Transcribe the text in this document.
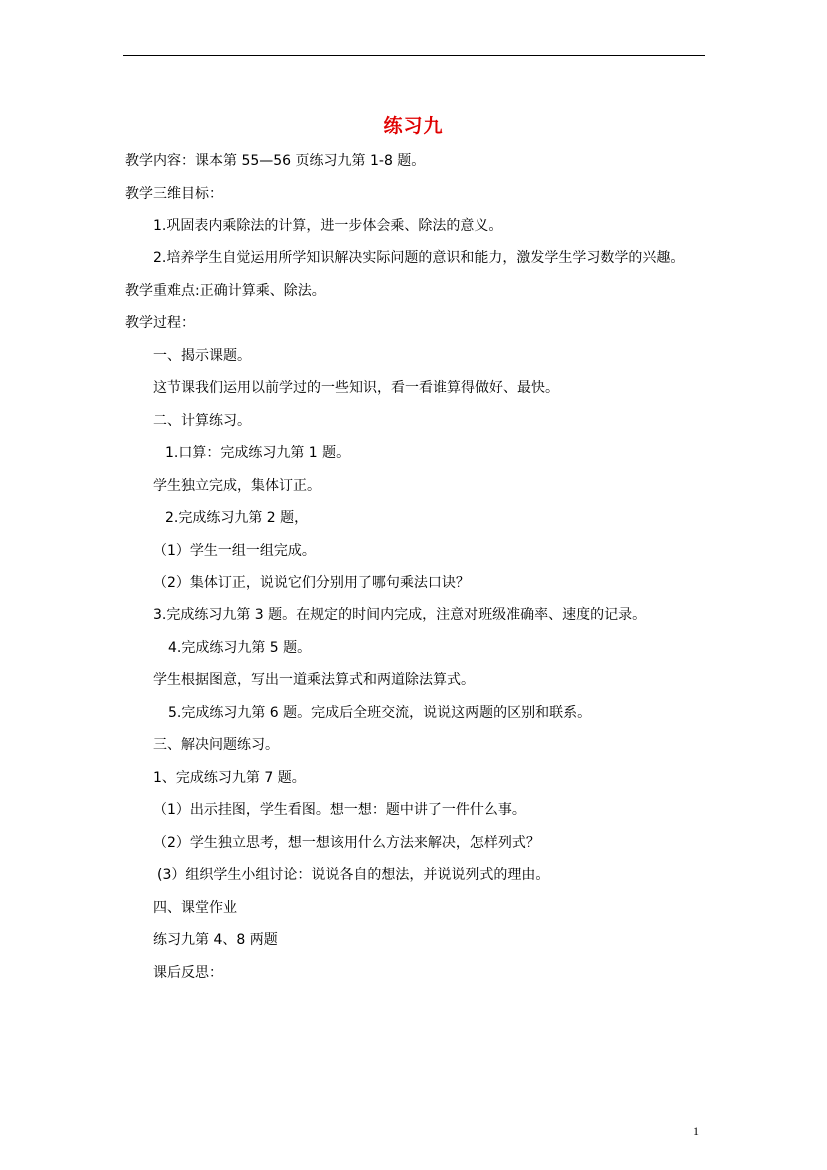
练习九
教学内容：课本第 55—56 页练习九第 1-8 题。
教学三维目标：
1.巩固表内乘除法的计算，进一步体会乘、除法的意义。
2.培养学生自觉运用所学知识解决实际问题的意识和能力，激发学生学习数学的兴趣。
教学重难点:正确计算乘、除法。
教学过程：
一、揭示课题。
这节课我们运用以前学过的一些知识，看一看谁算得做好、最快。
二、计算练习。
1.口算：完成练习九第 1 题。
学生独立完成，集体订正。
2.完成练习九第 2 题，
（1）学生一组一组完成。
（2）集体订正，说说它们分别用了哪句乘法口诀？
3.完成练习九第 3 题。在规定的时间内完成，注意对班级准确率、速度的记录。
4.完成练习九第 5 题。
学生根据图意，写出一道乘法算式和两道除法算式。
5.完成练习九第 6 题。完成后全班交流，说说这两题的区别和联系。
三、解决问题练习。
1、完成练习九第 7 题。
（1）出示挂图，学生看图。想一想：题中讲了一件什么事。
（2）学生独立思考，想一想该用什么方法来解决，怎样列式？
(3）组织学生小组讨论：说说各自的想法，并说说列式的理由。
四、课堂作业
练习九第 4、8 两题
课后反思：
1
